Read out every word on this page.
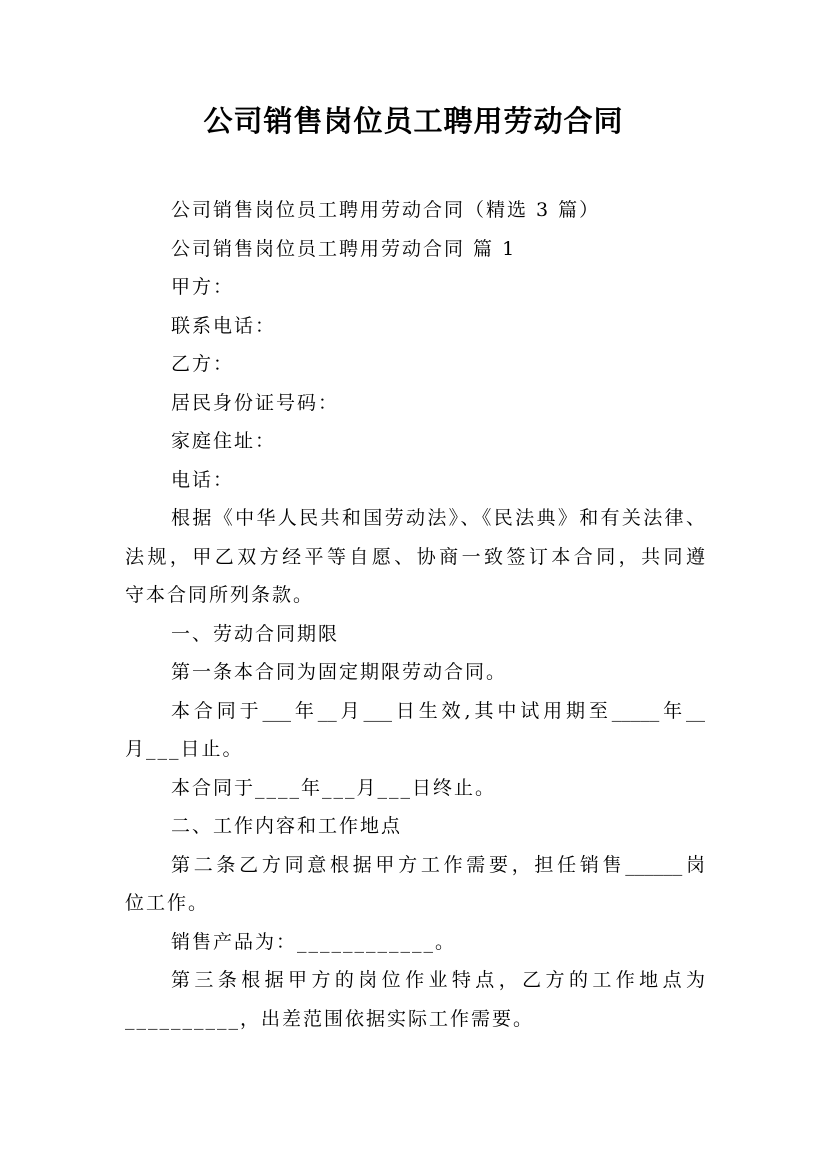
公司销售岗位员工聘用劳动合同
公司销售岗位员工聘用劳动合同（精选 3 篇）
公司销售岗位员工聘用劳动合同 篇 1
甲方：
联系电话：
乙方：
居民身份证号码：
家庭住址：
电话：
根据《中华人民共和国劳动法》、《民法典》和有关法律、
法规，甲乙双方经平等自愿、协商一致签订本合同，共同遵
守本合同所列条款。
一、劳动合同期限
第一条本合同为固定期限劳动合同。
本合同于___年__月___日生效,其中试用期至_____年__
月___日止。
本合同于____年___月___日终止。
二、工作内容和工作地点
第二条乙方同意根据甲方工作需要，担任销售______岗
位工作。
销售产品为：____________。
第三条根据甲方的岗位作业特点，乙方的工作地点为
__________，出差范围依据实际工作需要。
